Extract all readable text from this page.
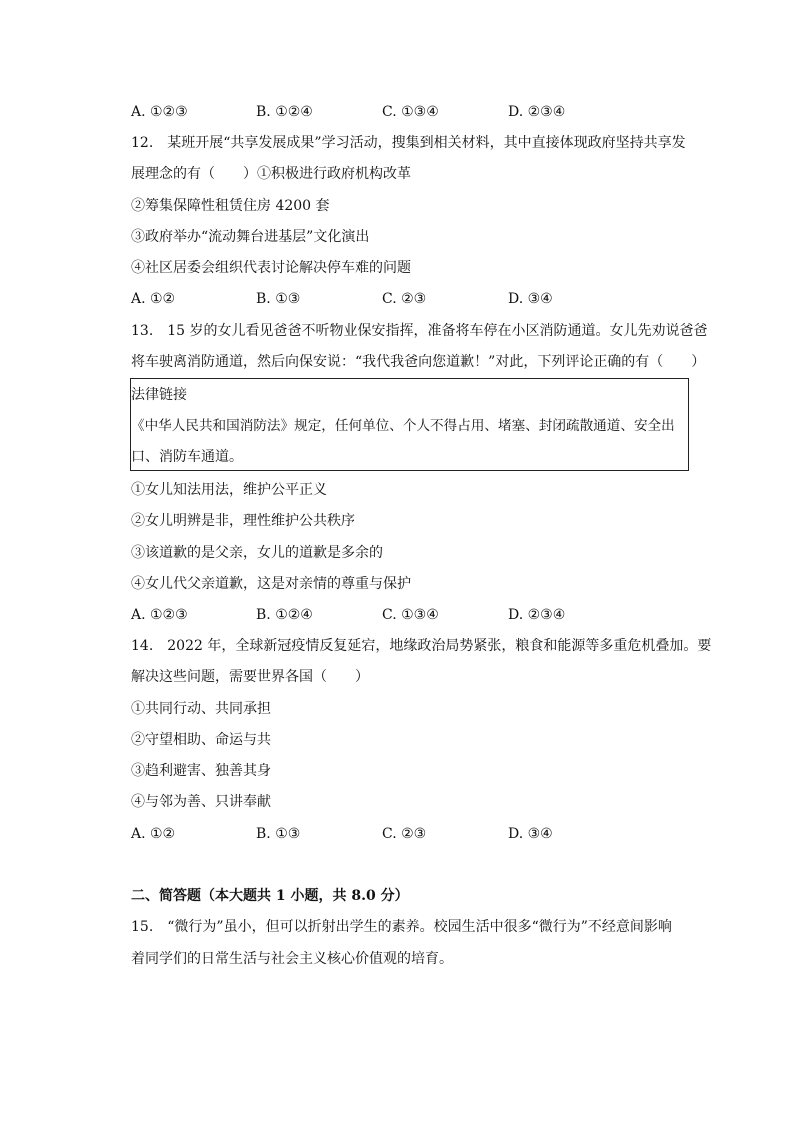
A. ①②③	B. ①②④	C. ①③④	D. ②③④
12.　某班开展“共享发展成果”学习活动，搜集到相关材料，其中直接体现政府坚持共享发
展理念的有（　　）①积极进行政府机构改革
②筹集保障性租赁住房 4200 套
③政府举办“流动舞台进基层”文化演出
④社区居委会组织代表讨论解决停车难的问题
A. ①②	B. ①③	C. ②③	D. ③④
13.　15 岁的女儿看见爸爸不听物业保安指挥，准备将车停在小区消防通道。女儿先劝说爸爸
将车驶离消防通道，然后向保安说：“我代我爸向您道歉！”对此，下列评论正确的有（　　）
法律链接
《中华人民共和国消防法》规定，任何单位、个人不得占用、堵塞、封闭疏散通道、安全出
口、消防车通道。
①女儿知法用法，维护公平正义
②女儿明辨是非，理性维护公共秩序
③该道歉的是父亲，女儿的道歉是多余的
④女儿代父亲道歉，这是对亲情的尊重与保护
A. ①②③	B. ①②④	C. ①③④	D. ②③④
14.　2022 年，全球新冠疫情反复延宕，地缘政治局势紧张，粮食和能源等多重危机叠加。要
解决这些问题，需要世界各国（　　）
①共同行动、共同承担
②守望相助、命运与共
③趋利避害、独善其身
④与邻为善、只讲奉献
A. ①②	B. ①③	C. ②③	D. ③④
二、简答题（本大题共 1 小题，共 8.0 分）
15.　“微行为”虽小，但可以折射出学生的素养。校园生活中很多“微行为”不经意间影响
着同学们的日常生活与社会主义核心价值观的培育。
